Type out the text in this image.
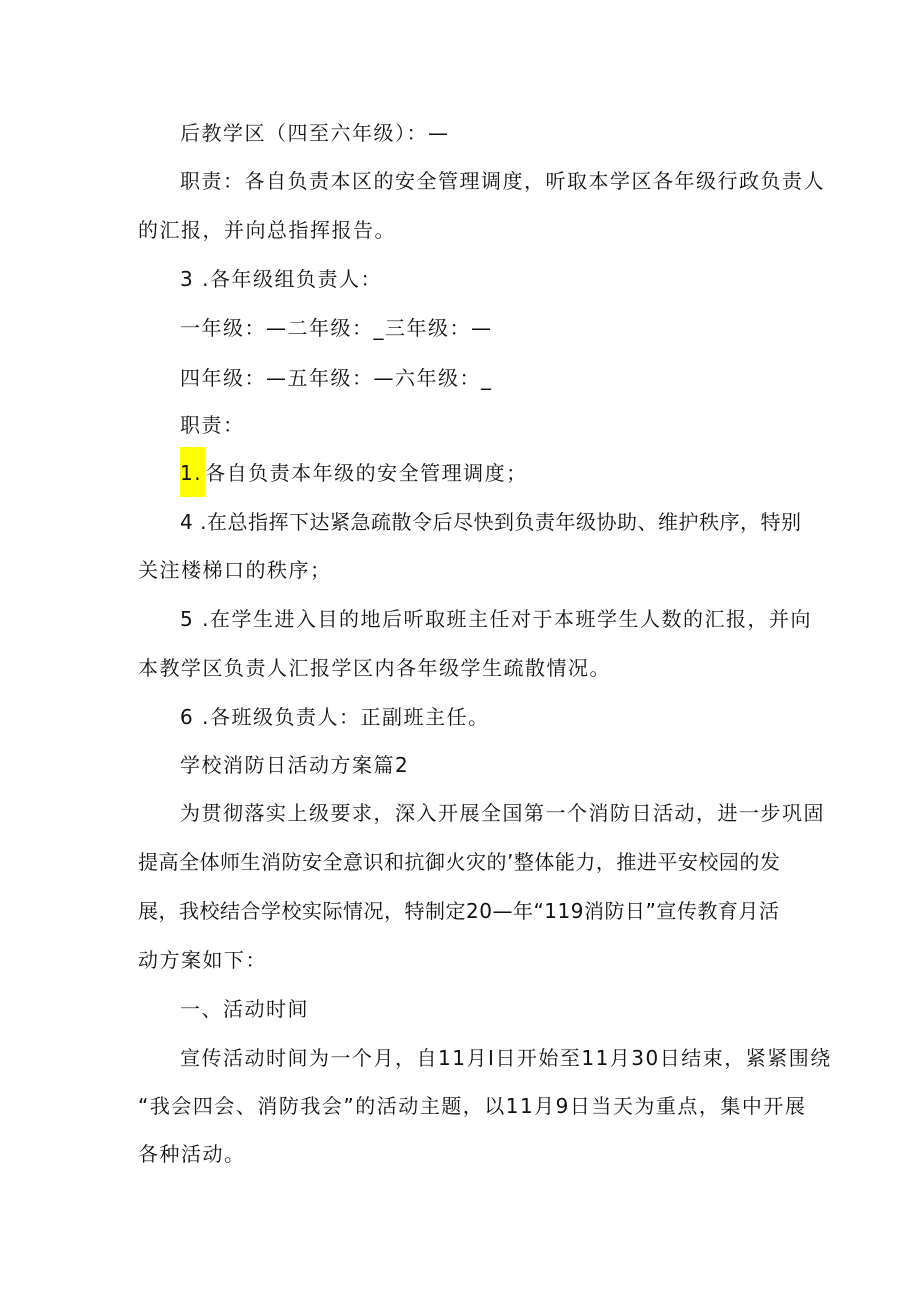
后教学区（四至六年级）：—
职责：各自负责本区的安全管理调度，听取本学区各年级行政负责人
的汇报，并向总指挥报告。
3 .各年级组负责人：
一年级：—二年级：_三年级：—
四年级：—五年级：—六年级：_
职责：
1. 各自负责本年级的安全管理调度；
4 .在总指挥下达紧急疏散令后尽快到负责年级协助、维护秩序，特别
关注楼梯口的秩序；
5 .在学生进入目的地后听取班主任对于本班学生人数的汇报，并向
本教学区负责人汇报学区内各年级学生疏散情况。
6 .各班级负责人：正副班主任。
学校消防日活动方案篇2
为贯彻落实上级要求，深入开展全国第一个消防日活动，进一步巩固
提高全体师生消防安全意识和抗御火灾的’整体能力，推进平安校园的发
展，我校结合学校实际情况，特制定20—年“119消防日”宣传教育月活
动方案如下：
一、活动时间
宣传活动时间为一个月，自11月I日开始至11月30日结束，紧紧围绕
“我会四会、消防我会”的活动主题，以11月9日当天为重点，集中开展
各种活动。
